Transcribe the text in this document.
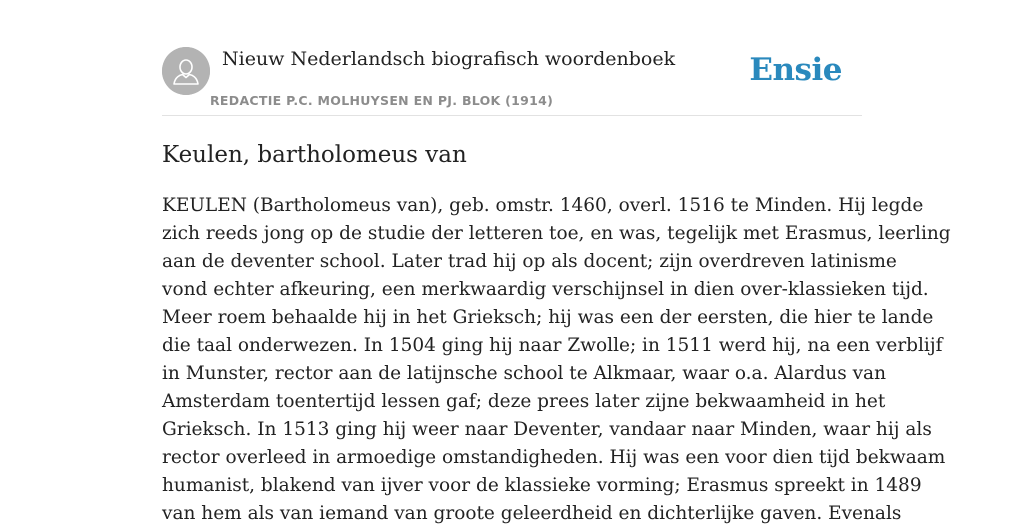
Nieuw Nederlandsch biografisch woordenboek
REDACTIE P.C. MOLHUYSEN EN PJ. BLOK (1914)
Ensie
Keulen, bartholomeus van
KEULEN (Bartholomeus van), geb. omstr. 1460, overl. 1516 te Minden. Hij legde
zich reeds jong op de studie der letteren toe, en was, tegelijk met Erasmus, leerling
aan de deventer school. Later trad hij op als docent; zijn overdreven latinisme
vond echter afkeuring, een merkwaardig verschijnsel in dien over-klassieken tijd.
Meer roem behaalde hij in het Grieksch; hij was een der eersten, die hier te lande
die taal onderwezen. In 1504 ging hij naar Zwolle; in 1511 werd hij, na een verblijf
in Munster, rector aan de latijnsche school te Alkmaar, waar o.a. Alardus van
Amsterdam toentertijd lessen gaf; deze prees later zijne bekwaamheid in het
Grieksch. In 1513 ging hij weer naar Deventer, vandaar naar Minden, waar hij als
rector overleed in armoedige omstandigheden. Hij was een voor dien tijd bekwaam
humanist, blakend van ijver voor de klassieke vorming; Erasmus spreekt in 1489
van hem als van iemand van groote geleerdheid en dichterlijke gaven. Evenals
